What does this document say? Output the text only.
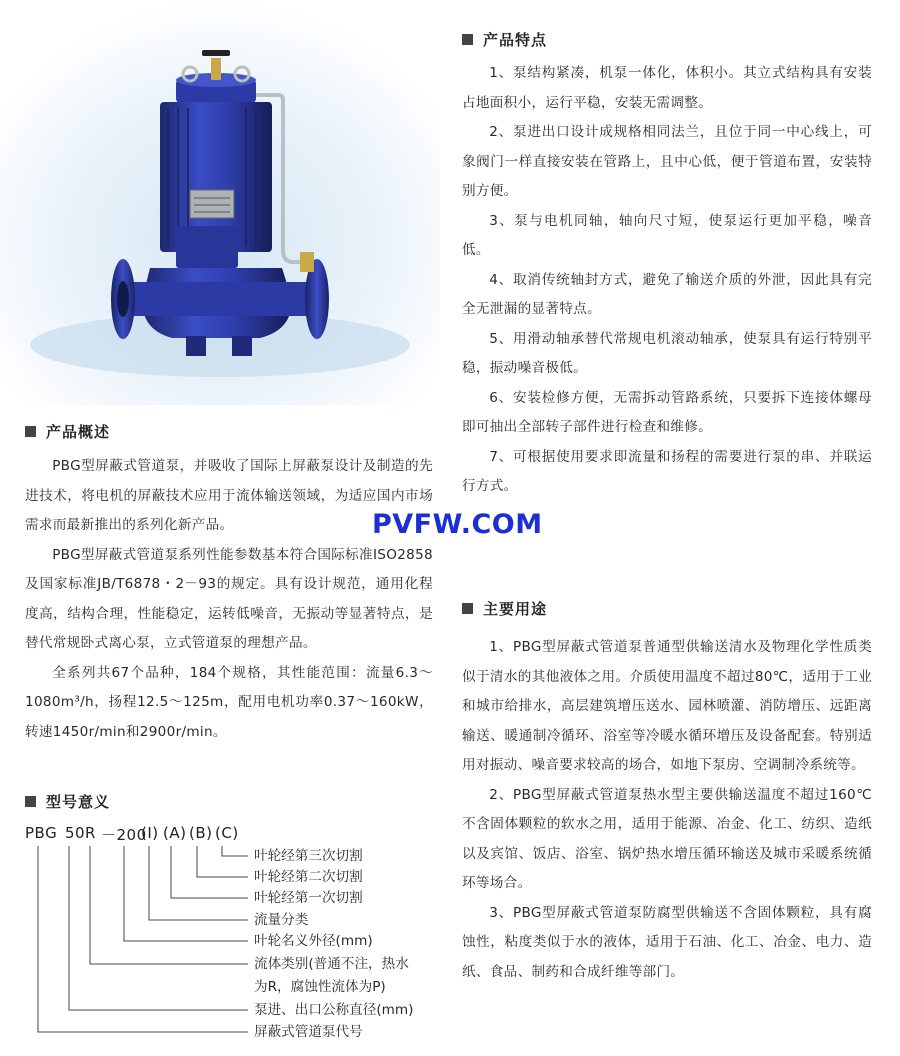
产品概述

PBG型屏蔽式管道泵，并吸收了国际上屏蔽泵设计及制造的先进技术，将电机的屏蔽技术应用于流体输送领域，为适应国内市场需求而最新推出的系列化新产品。

PBG型屏蔽式管道泵系列性能参数基本符合国际标准ISO2858及国家标准JB/T6878・2－93的规定。具有设计规范，通用化程度高，结构合理，性能稳定，运转低噪音，无振动等显著特点，是替代常规卧式离心泵，立式管道泵的理想产品。

全系列共67个品种，184个规格，其性能范围：流量6.3～1080m³/h，扬程12.5～125m，配用电机功率0.37～160kW，转速1450r/min和2900r/min。

型号意义
PBG 50 R －200
(I) (A) (B) (C)
叶轮经第三次切割
叶轮经第二次切割
叶轮经第一次切割
流量分类
叶轮名义外径(mm)
流体类别(普通不注，热水
为R，腐蚀性流体为P)
泵进、出口公称直径(mm)
屏蔽式管道泵代号
产品特点

1、泵结构紧凑，机泵一体化，体积小。其立式结构具有安装占地面积小，运行平稳，安装无需调整。

2、泵进出口设计成规格相同法兰，且位于同一中心线上，可象阀门一样直接安装在管路上，且中心低，便于管道布置，安装特别方便。

3、泵与电机同轴，轴向尺寸短，使泵运行更加平稳，噪音低。

4、取消传统轴封方式，避免了输送介质的外泄，因此具有完全无泄漏的显著特点。

5、用滑动轴承替代常规电机滚动轴承，使泵具有运行特别平稳，振动噪音极低。

6、安装检修方便，无需拆动管路系统，只要拆下连接体螺母即可抽出全部转子部件进行检查和维修。

7、可根据使用要求即流量和扬程的需要进行泵的串、并联运行方式。

PVFW.COM
主要用途

1、PBG型屏蔽式管道泵普通型供输送清水及物理化学性质类似于清水的其他液体之用。介质使用温度不超过80℃，适用于工业和城市给排水，高层建筑增压送水、园林喷灌、消防增压、远距离输送、暖通制冷循环、浴室等冷暖水循环增压及设备配套。特别适用对振动、噪音要求较高的场合，如地下泵房、空调制冷系统等。

2、PBG型屏蔽式管道泵热水型主要供输送温度不超过160℃不含固体颗粒的软水之用，适用于能源、冶金、化工、纺织、造纸以及宾馆、饭店、浴室、锅炉热水增压循环输送及城市采暖系统循环等场合。

3、PBG型屏蔽式管道泵防腐型供输送不含固体颗粒，具有腐蚀性，粘度类似于水的液体，适用于石油、化工、冶金、电力、造纸、食品、制药和合成纤维等部门。
